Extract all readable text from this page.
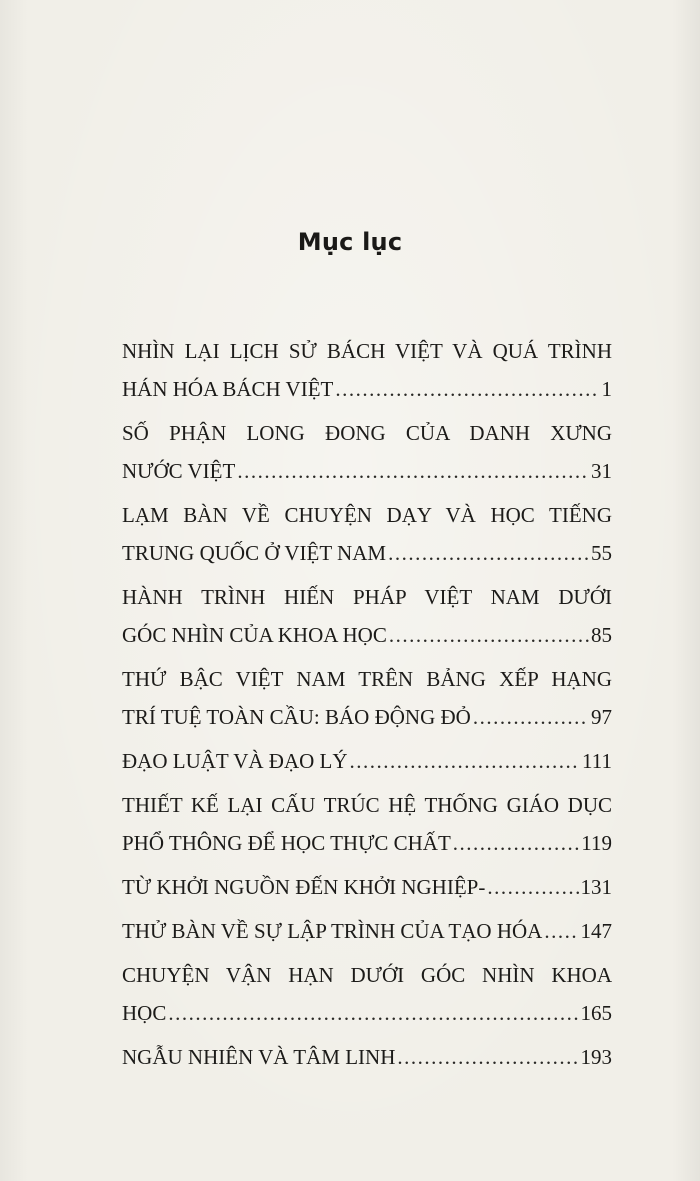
Mục lục
NHÌN LẠI LỊCH SỬ BÁCH VIỆT VÀ QUÁ TRÌNH
HÁN HÓA BÁCH VIỆT .....	1
SỐ PHẬN LONG ĐONG CỦA DANH XƯNG
NƯỚC VIỆT .....	31
LẠM BÀN VỀ CHUYỆN DẠY VÀ HỌC TIẾNG
TRUNG QUỐC Ở VIỆT NAM .....	55
HÀNH TRÌNH HIẾN PHÁP VIỆT NAM DƯỚI
GÓC NHÌN CỦA KHOA HỌC .....	85
THỨ BẬC VIỆT NAM TRÊN BẢNG XẾP HẠNG
TRÍ TUỆ TOÀN CẦU: BÁO ĐỘNG ĐỎ .....	97
ĐẠO LUẬT VÀ ĐẠO LÝ .....	111
THIẾT KẾ LẠI CẤU TRÚC HỆ THỐNG GIÁO DỤC
PHỔ THÔNG ĐỂ HỌC THỰC CHẤT .....	119
TỪ KHỞI NGUỒN ĐẾN KHỞI NGHIỆP- .....	131
THỬ BÀN VỀ SỰ LẬP TRÌNH CỦA TẠO HÓA ..... 147
CHUYỆN VẬN HẠN DƯỚI GÓC NHÌN KHOA
HỌC .....	165
NGẪU NHIÊN VÀ TÂM LINH .....	193
